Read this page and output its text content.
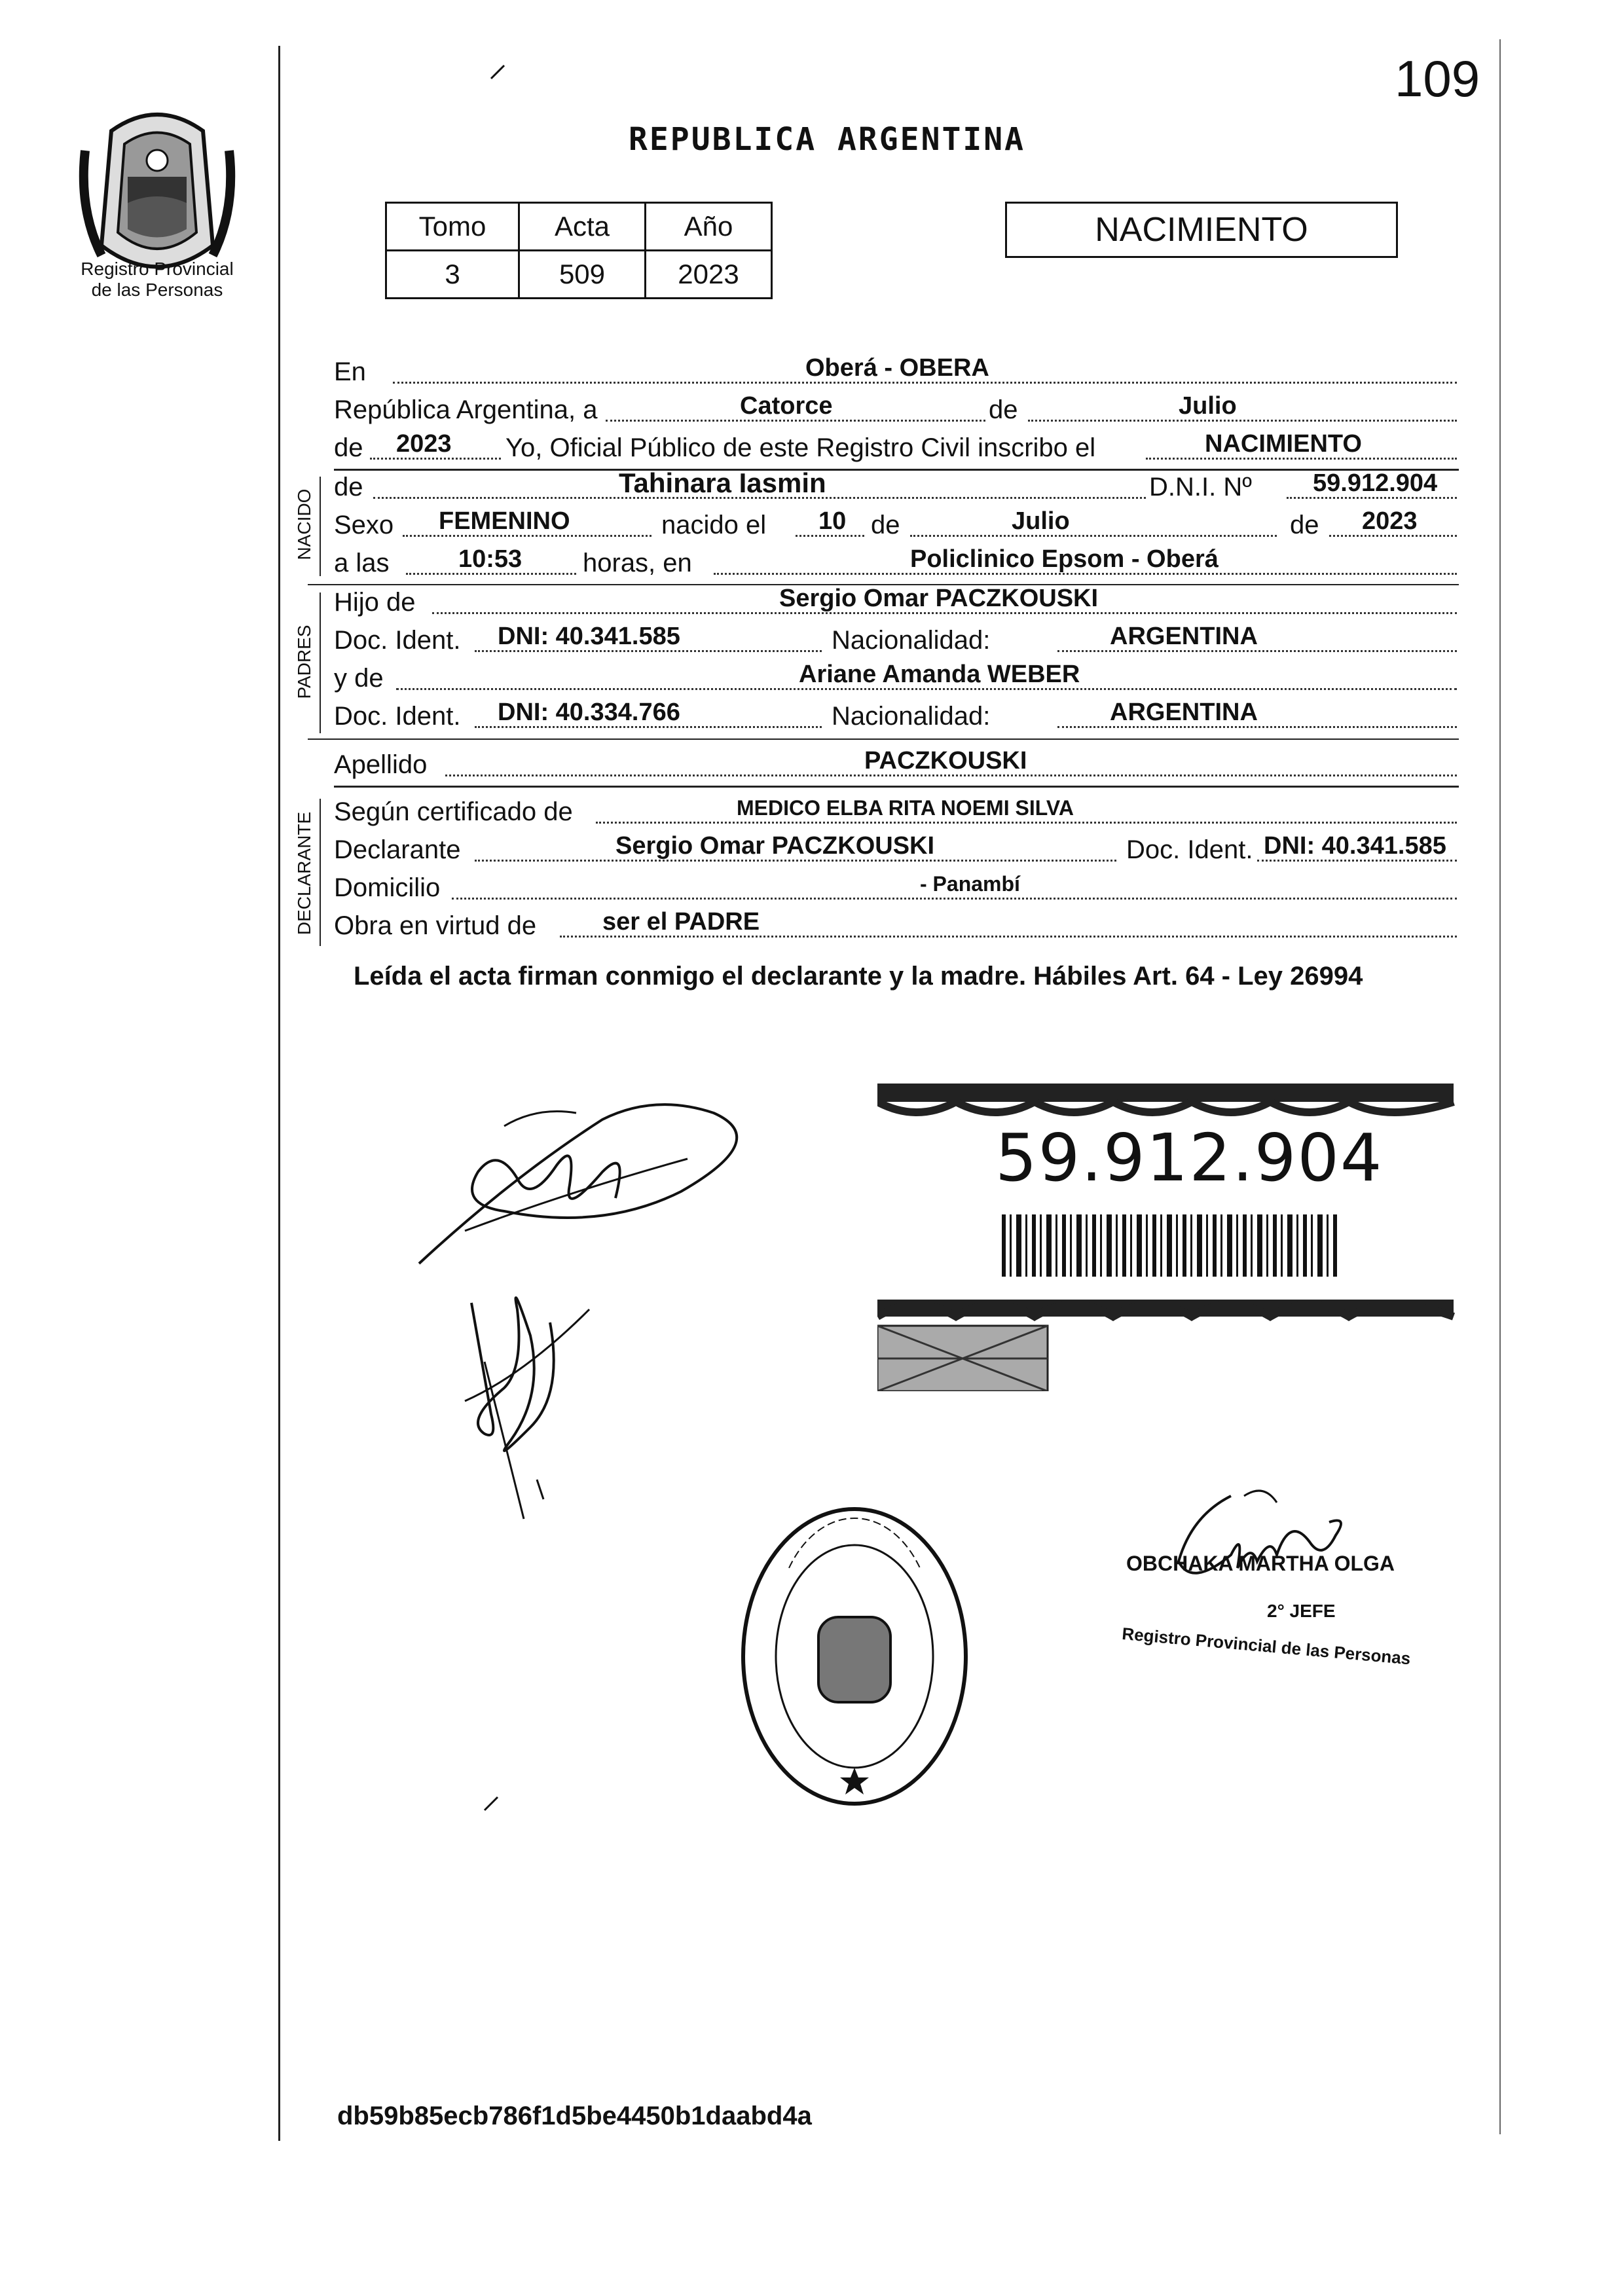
Registro Provincial
de las Personas
109
REPUBLICA ARGENTINA
Tomo	Acta	Año
3	509	2023
NACIMIENTO
En	Oberá - OBERA
República Argentina, a	Catorce	de	Julio
de 2023 Yo, Oficial Público de este Registro Civil inscribo el	NACIMIENTO
NACIDO
de	Tahinara Iasmin	D.N.I. Nº 59.912.904
Sexo FEMENINO	nacido el 10 de	Julio	de 2023
a las	10:53 horas, en	Policlinico Epsom - Oberá
PADRES
Hijo de	Sergio Omar PACZKOUSKI
Doc. Ident. DNI: 40.341.585	Nacionalidad:	ARGENTINA
y de	Ariane Amanda WEBER
Doc. Ident. DNI: 40.334.766	Nacionalidad:	ARGENTINA
Apellido	PACZKOUSKI
DECLARANTE Según certificado de	MEDICO ELBA RITA NOEMI SILVA
Declarante	Sergio Omar PACZKOUSKI	Doc. Ident. DNI: 40.341.585
Domicilio	- Panambí
Obra en virtud de	ser el PADRE
Leída el acta firman conmigo el declarante y la madre. Hábiles Art. 64 - Ley 26994
59.912.904
OBCHAKA MARTHA OLGA
2° JEFE
Registro Provincial de las Personas
db59b85ecb786f1d5be4450b1daabd4a
